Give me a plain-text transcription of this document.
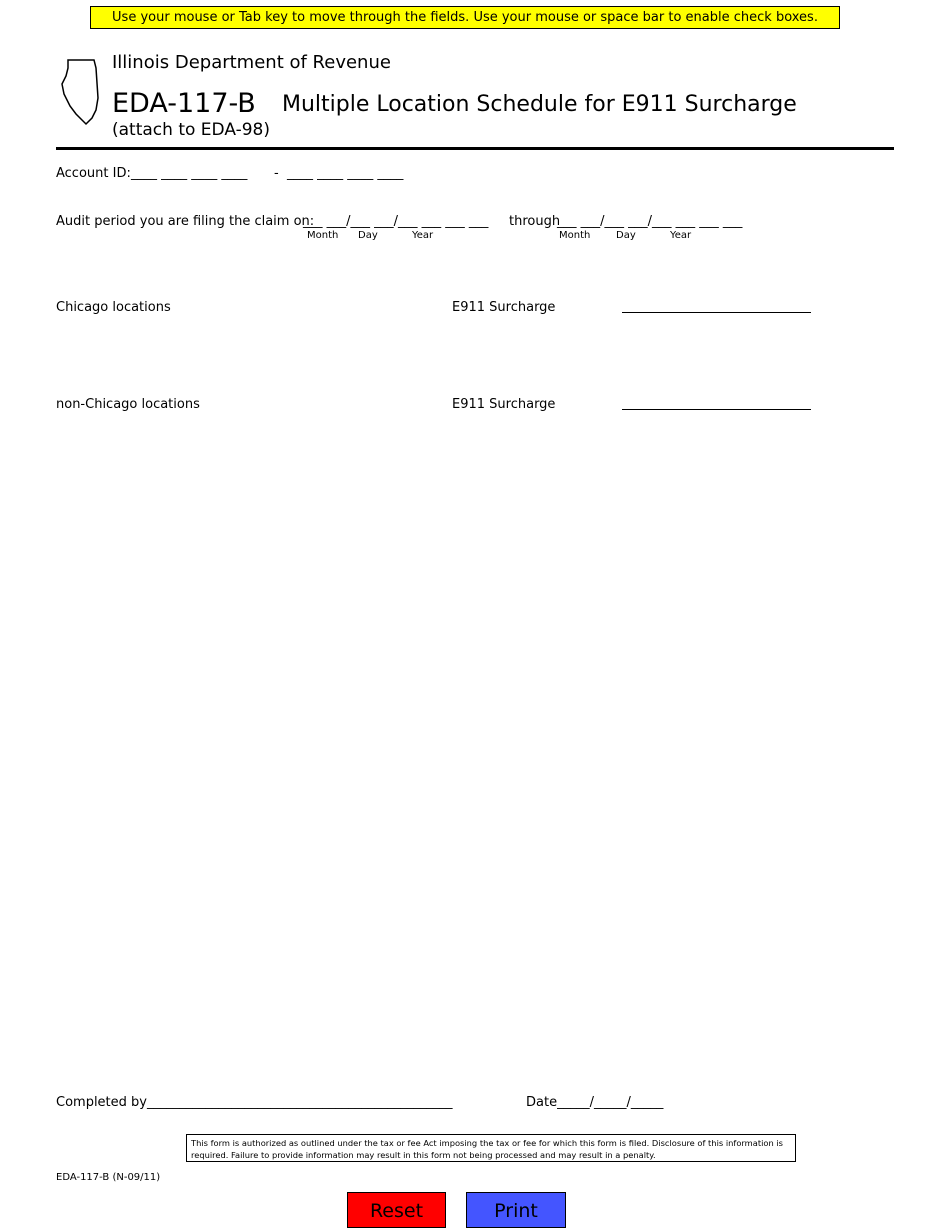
Use your mouse or Tab key to move through the fields. Use your mouse or space bar to enable check boxes.
Illinois Department of Revenue
EDA-117-B Multiple Location Schedule for E911 Surcharge
(attach to EDA-98)
Account ID: ____ ____ ____ ____ - ____ ____ ____ ____
Audit period you are filing the claim on:
___ ___/___ ___/___ ___ ___ ___ through
___ ___/___ ___/___ ___ ___ ___
Month Day	Year	Month	Day	Year
Chicago locations	E911 Surcharge
non-Chicago locations	E911 Surcharge
Completed by_______________________________________________	Date_____/_____/_____
This form is authorized as outlined under the tax or fee Act imposing the tax or fee for which this form is filed. Disclosure of this information is required. Failure to provide information may result in this form not being processed and may result in a penalty.
EDA-117-B (N-09/11)
Reset	Print
